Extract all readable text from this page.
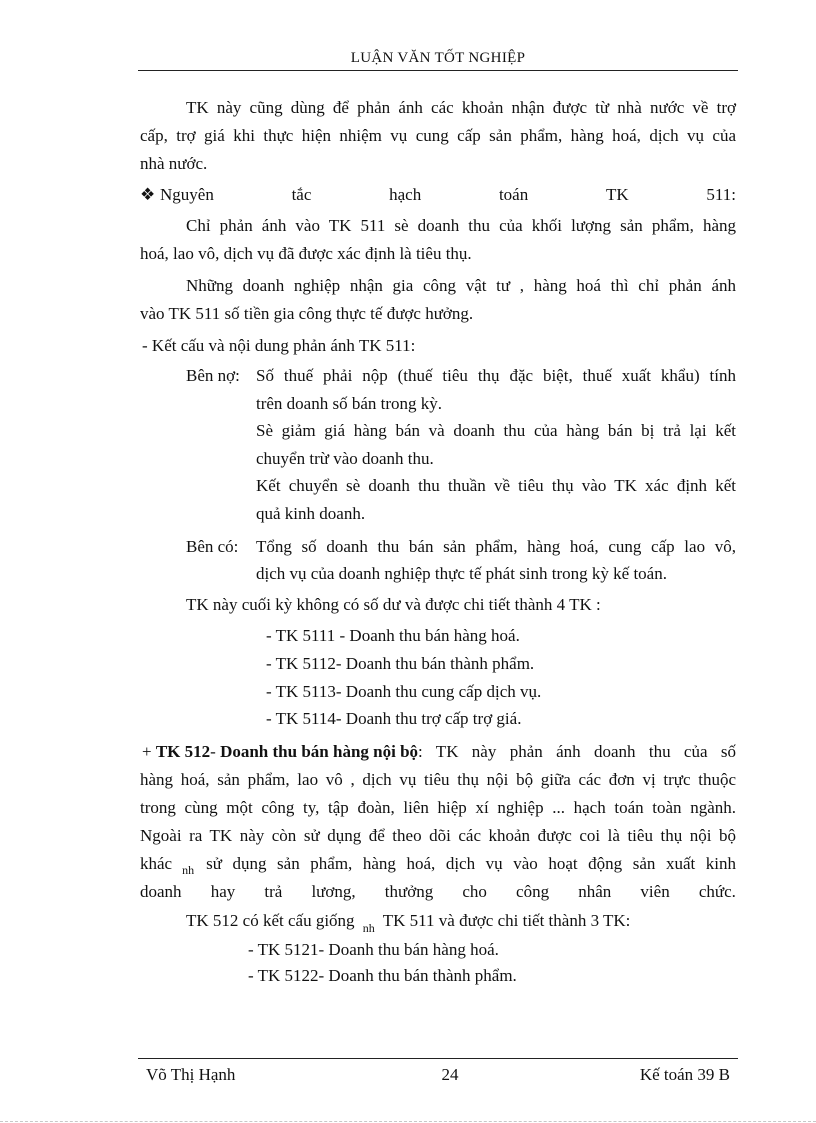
LUẬN VĂN TỐT NGHIỆP
TK này cũng dùng để phản ánh các khoản nhận được từ nhà nước về trợ
cấp, trợ giá khi thực hiện nhiệm vụ cung cấp sản phẩm, hàng hoá, dịch vụ của
nhà nước.
❖ Nguyên	tắc	hạch	toán	TK	511:
Chỉ phản ánh vào TK 511 sè doanh thu của khối lượng sản phẩm, hàng
hoá, lao vô, dịch vụ đã được xác định là tiêu thụ.
Những doanh nghiệp nhận gia công vật tư , hàng hoá thì chỉ phản ánh
vào TK 511 số tiền gia công thực tế được hưởng.
- Kết cấu và nội dung phản ánh TK 511:
Bên nợ: Số thuế phải nộp (thuế tiêu thụ đặc biệt, thuế xuất khẩu) tính
trên doanh số bán trong kỳ.
Sè giảm giá hàng bán và doanh thu của hàng bán bị trả lại kết
chuyển trừ vào doanh thu.
Kết chuyển sè doanh thu thuần về tiêu thụ vào TK xác định kết
quả kinh doanh.
Bên có: Tổng số doanh thu bán sản phẩm, hàng hoá, cung cấp lao vô,
dịch vụ của doanh nghiệp thực tế phát sinh trong kỳ kế toán.
TK này cuối kỳ không có số dư và được chi tiết thành 4 TK :
- TK 5111 - Doanh thu bán hàng hoá.
- TK 5112- Doanh thu bán thành phẩm.
- TK 5113- Doanh thu cung cấp dịch vụ.
- TK 5114- Doanh thu trợ cấp trợ giá.
+ TK 512- Doanh thu bán hàng nội bộ : TK này phản ánh doanh thu của số
hàng hoá, sản phẩm, lao vô , dịch vụ tiêu thụ nội bộ giữa các đơn vị trực thuộc
trong cùng một công ty, tập đoàn, liên hiệp xí nghiệp ... hạch toán toàn ngành.
Ngoài ra TK này còn sử dụng để theo dõi các khoản được coi là tiêu thụ nội bộ
khác nh sử dụng sản phẩm, hàng hoá, dịch vụ vào hoạt động sản xuất kinh
doanh hay trả lương, thưởng cho công nhân viên chức.
TK 512 có kết cấu giống $_{nh}$ TK 511 và được chi tiết thành 3 TK:
- TK 5121- Doanh thu bán hàng hoá.
- TK 5122- Doanh thu bán thành phẩm.
Võ Thị Hạnh	24	Kế toán 39 B
